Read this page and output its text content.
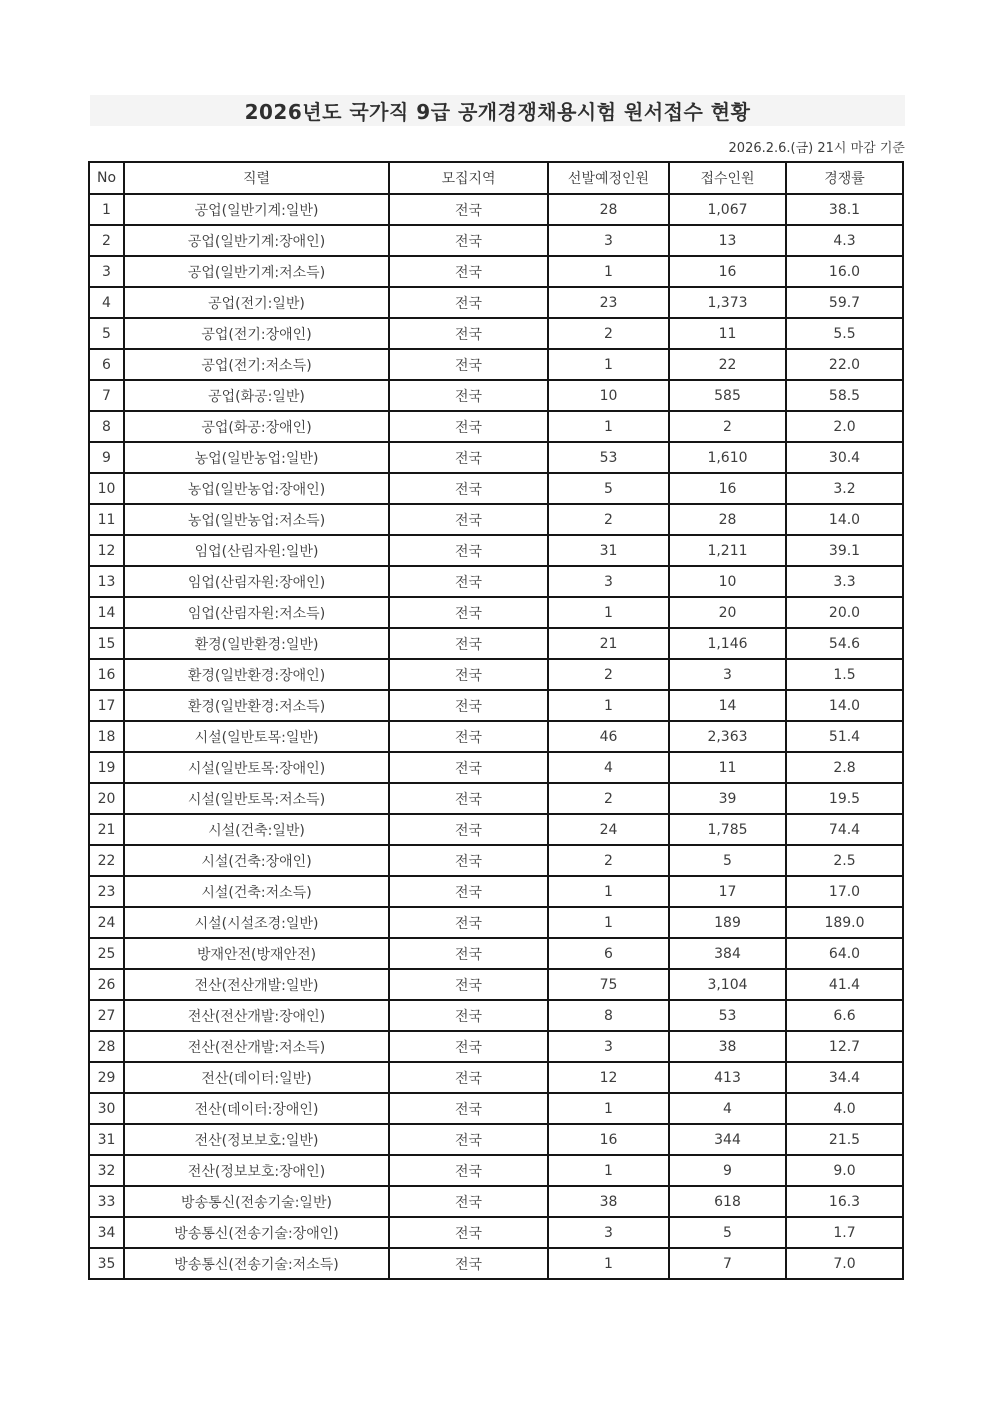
2026년도 국가직 9급 공개경쟁채용시험 원서접수 현황
2026.2.6.(금) 21시 마감 기준
No	직렬	모집지역	선발예정인원	접수인원	경쟁률
1	공업(일반기계:일반)	전국	28	1,067	38.1
2	공업(일반기계:장애인)	전국	3	13	4.3
3	공업(일반기계:저소득)	전국	1	16	16.0
4	공업(전기:일반)	전국	23	1,373	59.7
5	공업(전기:장애인)	전국	2	11	5.5
6	공업(전기:저소득)	전국	1	22	22.0
7	공업(화공:일반)	전국	10	585	58.5
8	공업(화공:장애인)	전국	1	2	2.0
9	농업(일반농업:일반)	전국	53	1,610	30.4
10	농업(일반농업:장애인)	전국	5	16	3.2
11	농업(일반농업:저소득)	전국	2	28	14.0
12	임업(산림자원:일반)	전국	31	1,211	39.1
13	임업(산림자원:장애인)	전국	3	10	3.3
14	임업(산림자원:저소득)	전국	1	20	20.0
15	환경(일반환경:일반)	전국	21	1,146	54.6
16	환경(일반환경:장애인)	전국	2	3	1.5
17	환경(일반환경:저소득)	전국	1	14	14.0
18	시설(일반토목:일반)	전국	46	2,363	51.4
19	시설(일반토목:장애인)	전국	4	11	2.8
20	시설(일반토목:저소득)	전국	2	39	19.5
21	시설(건축:일반)	전국	24	1,785	74.4
22	시설(건축:장애인)	전국	2	5	2.5
23	시설(건축:저소득)	전국	1	17	17.0
24	시설(시설조경:일반)	전국	1	189	189.0
25	방재안전(방재안전)	전국	6	384	64.0
26	전산(전산개발:일반)	전국	75	3,104	41.4
27	전산(전산개발:장애인)	전국	8	53	6.6
28	전산(전산개발:저소득)	전국	3	38	12.7
29	전산(데이터:일반)	전국	12	413	34.4
30	전산(데이터:장애인)	전국	1	4	4.0
31	전산(정보보호:일반)	전국	16	344	21.5
32	전산(정보보호:장애인)	전국	1	9	9.0
33	방송통신(전송기술:일반)	전국	38	618	16.3
34	방송통신(전송기술:장애인)	전국	3	5	1.7
35	방송통신(전송기술:저소득)	전국	1	7	7.0
